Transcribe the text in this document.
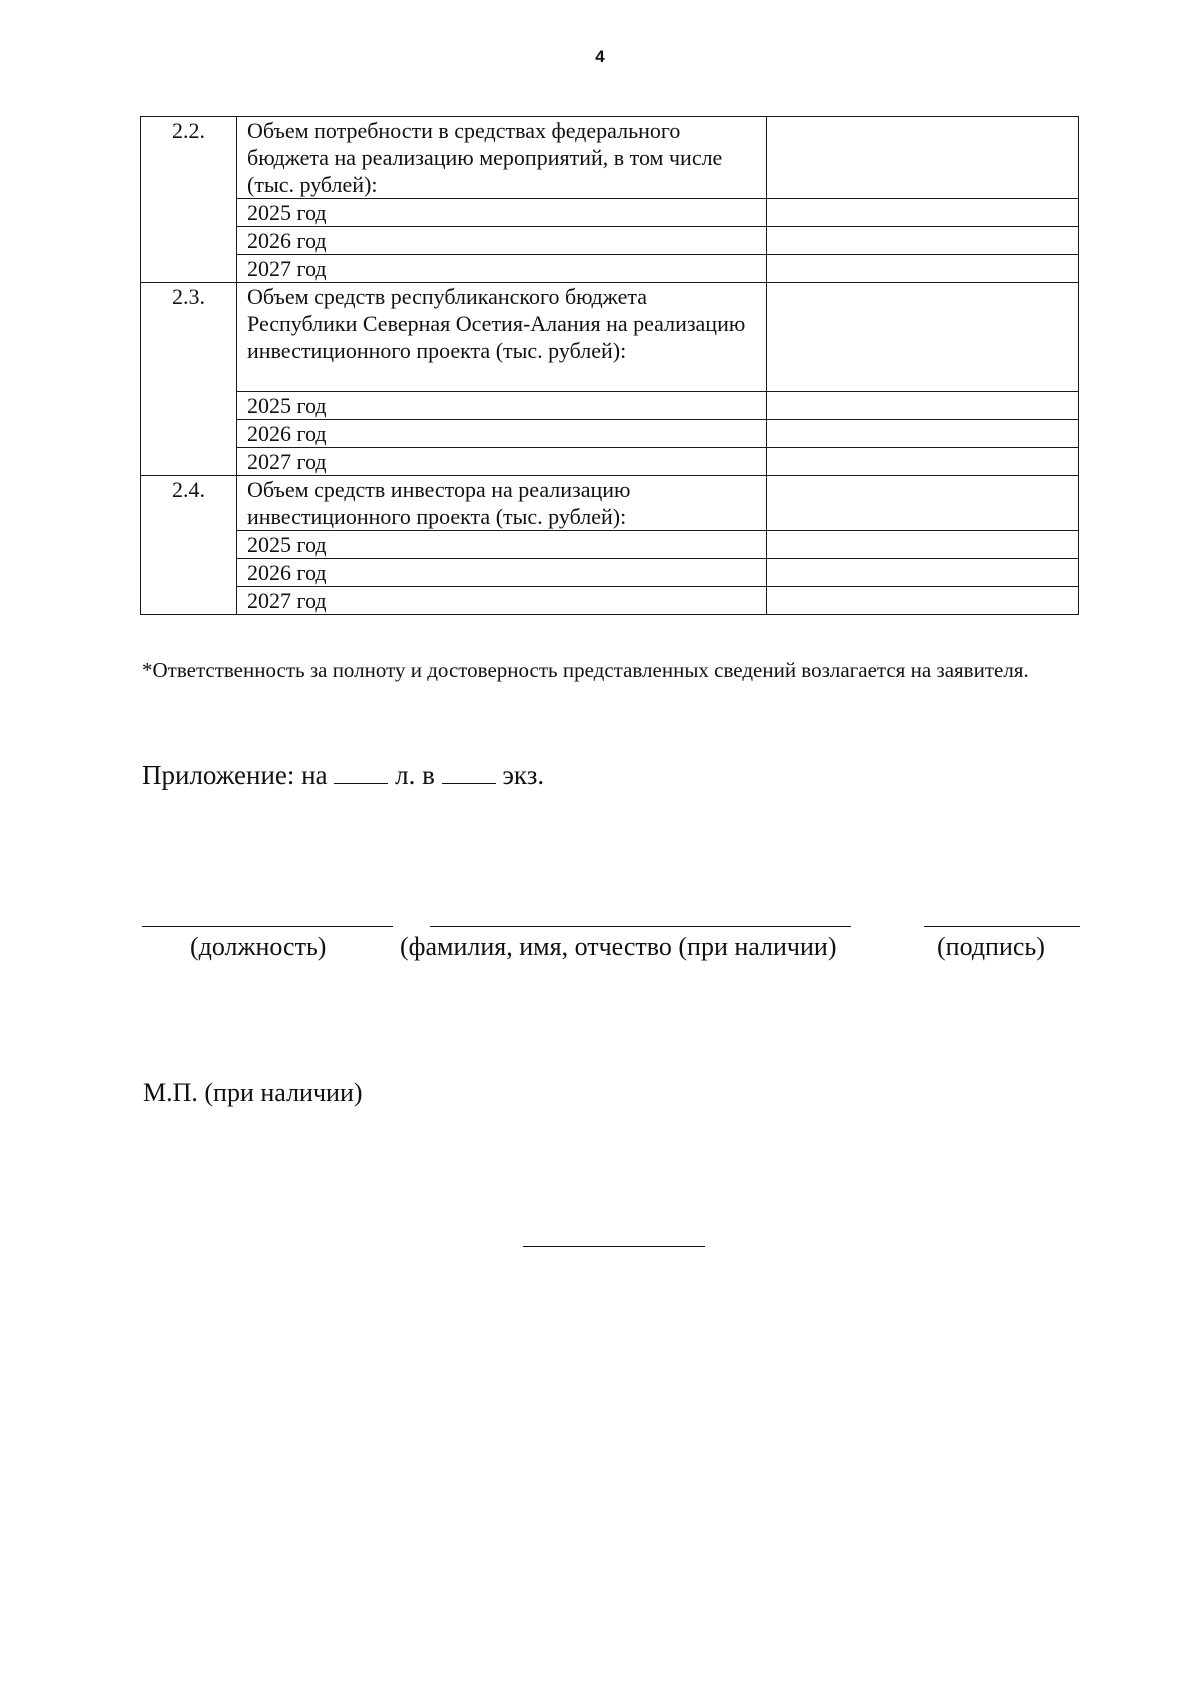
4
2.2.	Объем потребности в средствах федерального бюджета на реализацию мероприятий, в том числе (тыс. рублей):	
	2025 год	
	2026 год	
	2027 год	
2.3.	Объем средств республиканского бюджета Республики Северная Осетия-Алания на реализацию инвестиционного проекта (тыс. рублей):	
	2025 год	
	2026 год	
	2027 год	
2.4.	Объем средств инвестора на реализацию инвестиционного проекта (тыс. рублей):	
	2025 год	
	2026 год	
	2027 год	
*Ответственность за полноту и достоверность представленных сведений возлагается на заявителя.
Приложение: на	л. в	экз.
(должность)	(фамилия, имя, отчество (при наличии)	(подпись)
М.П. (при наличии)
